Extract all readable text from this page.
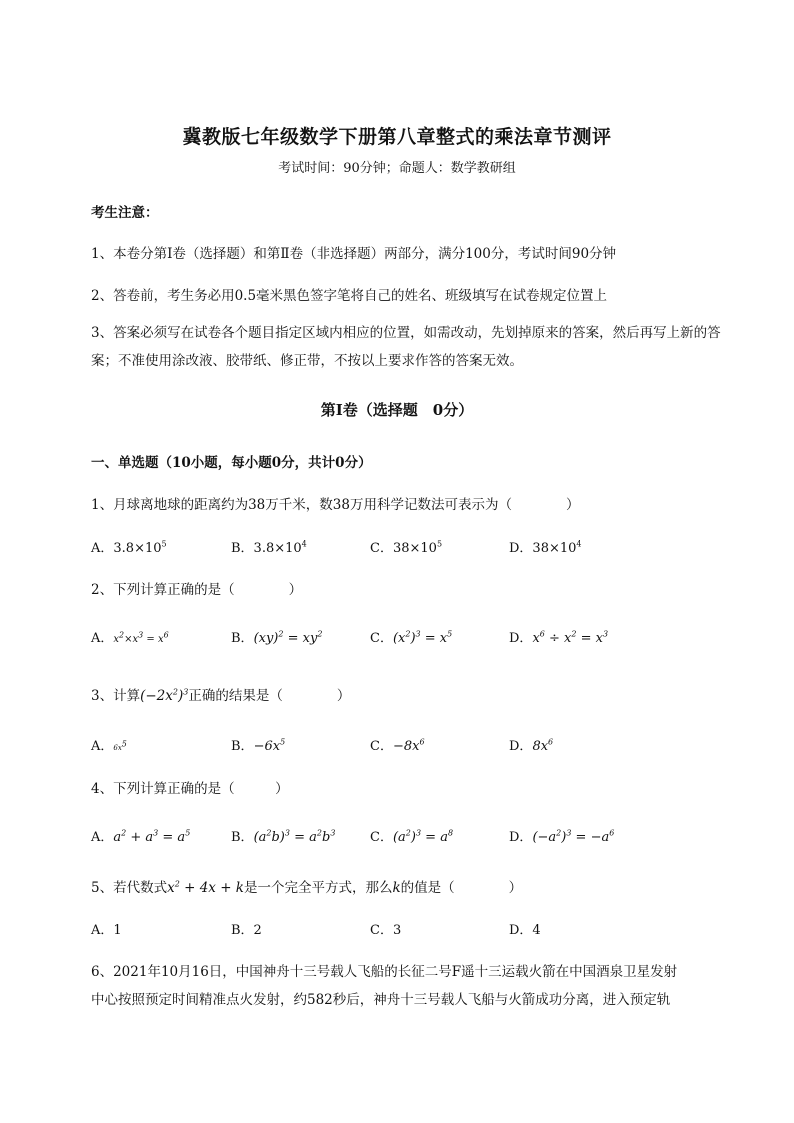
冀教版七年级数学下册第八章整式的乘法章节测评
考试时间：90分钟；命题人：数学教研组
考生注意：
1、本卷分第I卷（选择题）和第Ⅱ卷（非选择题）两部分，满分100分，考试时间90分钟
2、答卷前，考生务必用0.5毫米黑色签字笔将自己的姓名、班级填写在试卷规定位置上
3、答案必须写在试卷各个题目指定区域内相应的位置，如需改动，先划掉原来的答案，然后再写上新的答案；不准使用涂改液、胶带纸、修正带，不按以上要求作答的答案无效。
第I卷（选择题　0分）
一、单选题（10小题，每小题0分，共计0分）
1、月球离地球的距离约为38万千米，数38万用科学记数法可表示为（　　　　）
A．$3.8\times 10^5$	B．$3.8\times 10^4$	C．$38\times 10^5$	D．$38\times 10^4$
2、下列计算正确的是（　　　　）
A．$x^2\times x^3 = x^6$	B．$(xy)^2 = xy^2$	C．$(x^2)^3 = x^5$	D．$x^6 \div x^2 = x^3$
3、计算$(-2x^2)^3$正确的结果是（　　　　）
A．$6x^5$	B．$-6x^5$	C．$-8x^6$	D．$8x^6$
4、下列计算正确的是（　　　）
A．$a^2 + a^3 = a^5$	B．$(a^2b)^3 = a^2b^3$	C．$(a^2)^3 = a^8$	D．$(-a^2)^3 = -a^6$
5、若代数式$x^2 + 4x + k$是一个完全平方式，那么k的值是（　　　　）
A．1	B．2	C．3	D．4
6、2021年10月16日，中国神舟十三号载人飞船的长征二号F遥十三运载火箭在中国酒泉卫星发射
中心按照预定时间精准点火发射，约582秒后，神舟十三号载人飞船与火箭成功分离，进入预定轨
